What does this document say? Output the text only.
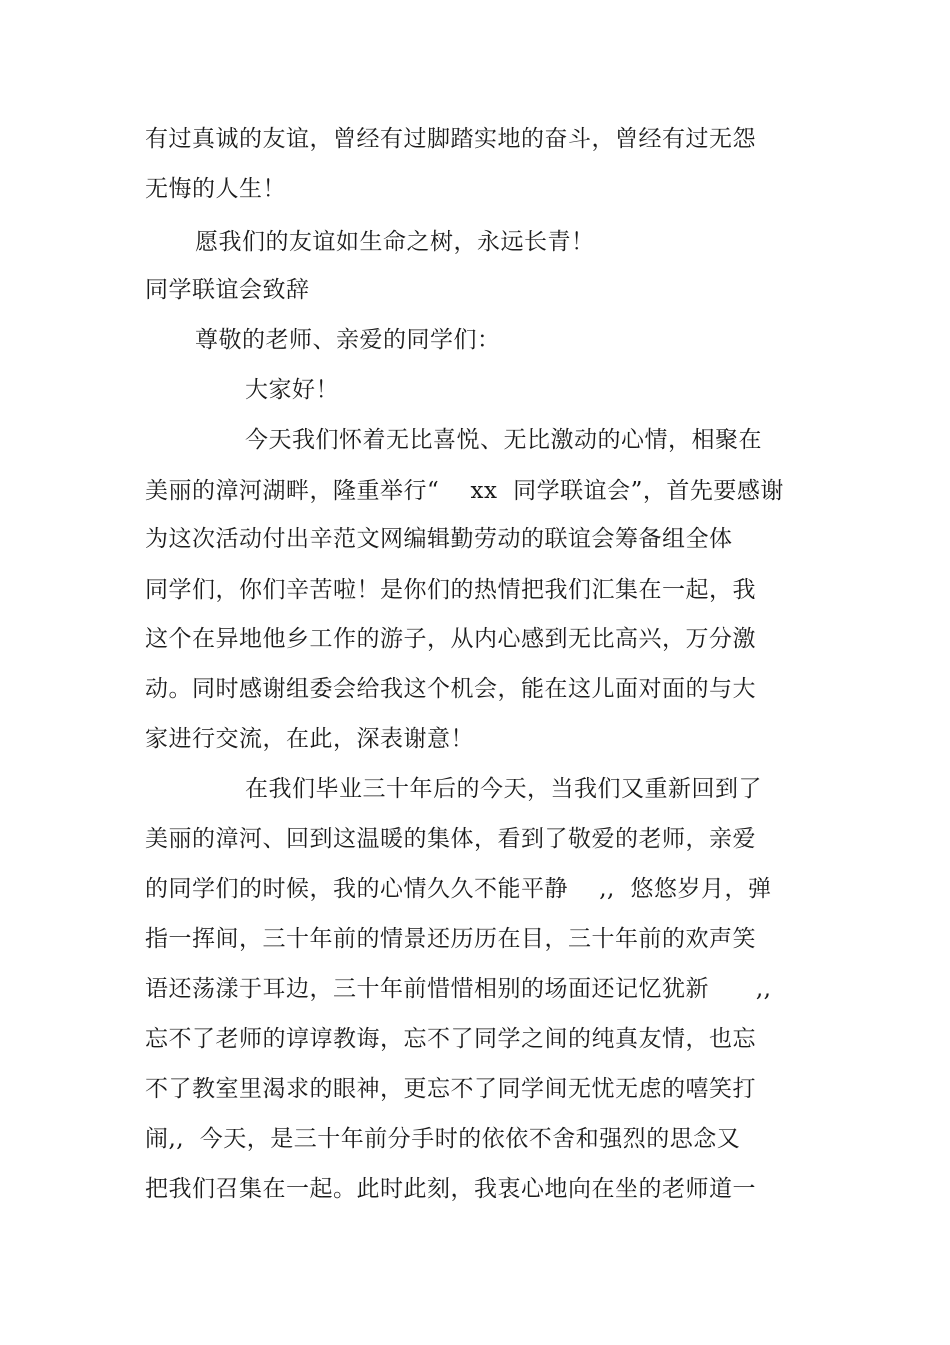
有过真诚的友谊，曾经有过脚踏实地的奋斗，曾经有过无怨
无悔的人生！
愿我们的友谊如生命之树，永远长青！
同学联谊会致辞
尊敬的老师、亲爱的同学们：
大家好！
今天我们怀着无比喜悦、无比激动的心情，相聚在
美丽的漳河湖畔，隆重举行“    xx  同学联谊会”，首先要感谢
为这次活动付出辛范文网编辑勤劳动的联谊会筹备组全体
同学们，你们辛苦啦！是你们的热情把我们汇集在一起，我
这个在异地他乡工作的游子，从内心感到无比高兴，万分激
动。同时感谢组委会给我这个机会，能在这儿面对面的与大
家进行交流，在此，深表谢意！
在我们毕业三十年后的今天，当我们又重新回到了
美丽的漳河、回到这温暖的集体，看到了敬爱的老师，亲爱
的同学们的时候，我的心情久久不能平静    ,,  悠悠岁月，弹
指一挥间，三十年前的情景还历历在目，三十年前的欢声笑
语还荡漾于耳边，三十年前惜惜相别的场面还记忆犹新      ,,
忘不了老师的谆谆教诲，忘不了同学之间的纯真友情，也忘
不了教室里渴求的眼神，更忘不了同学间无忧无虑的嘻笑打
闹,,  今天，是三十年前分手时的依依不舍和强烈的思念又
把我们召集在一起。此时此刻，我衷心地向在坐的老师道一
